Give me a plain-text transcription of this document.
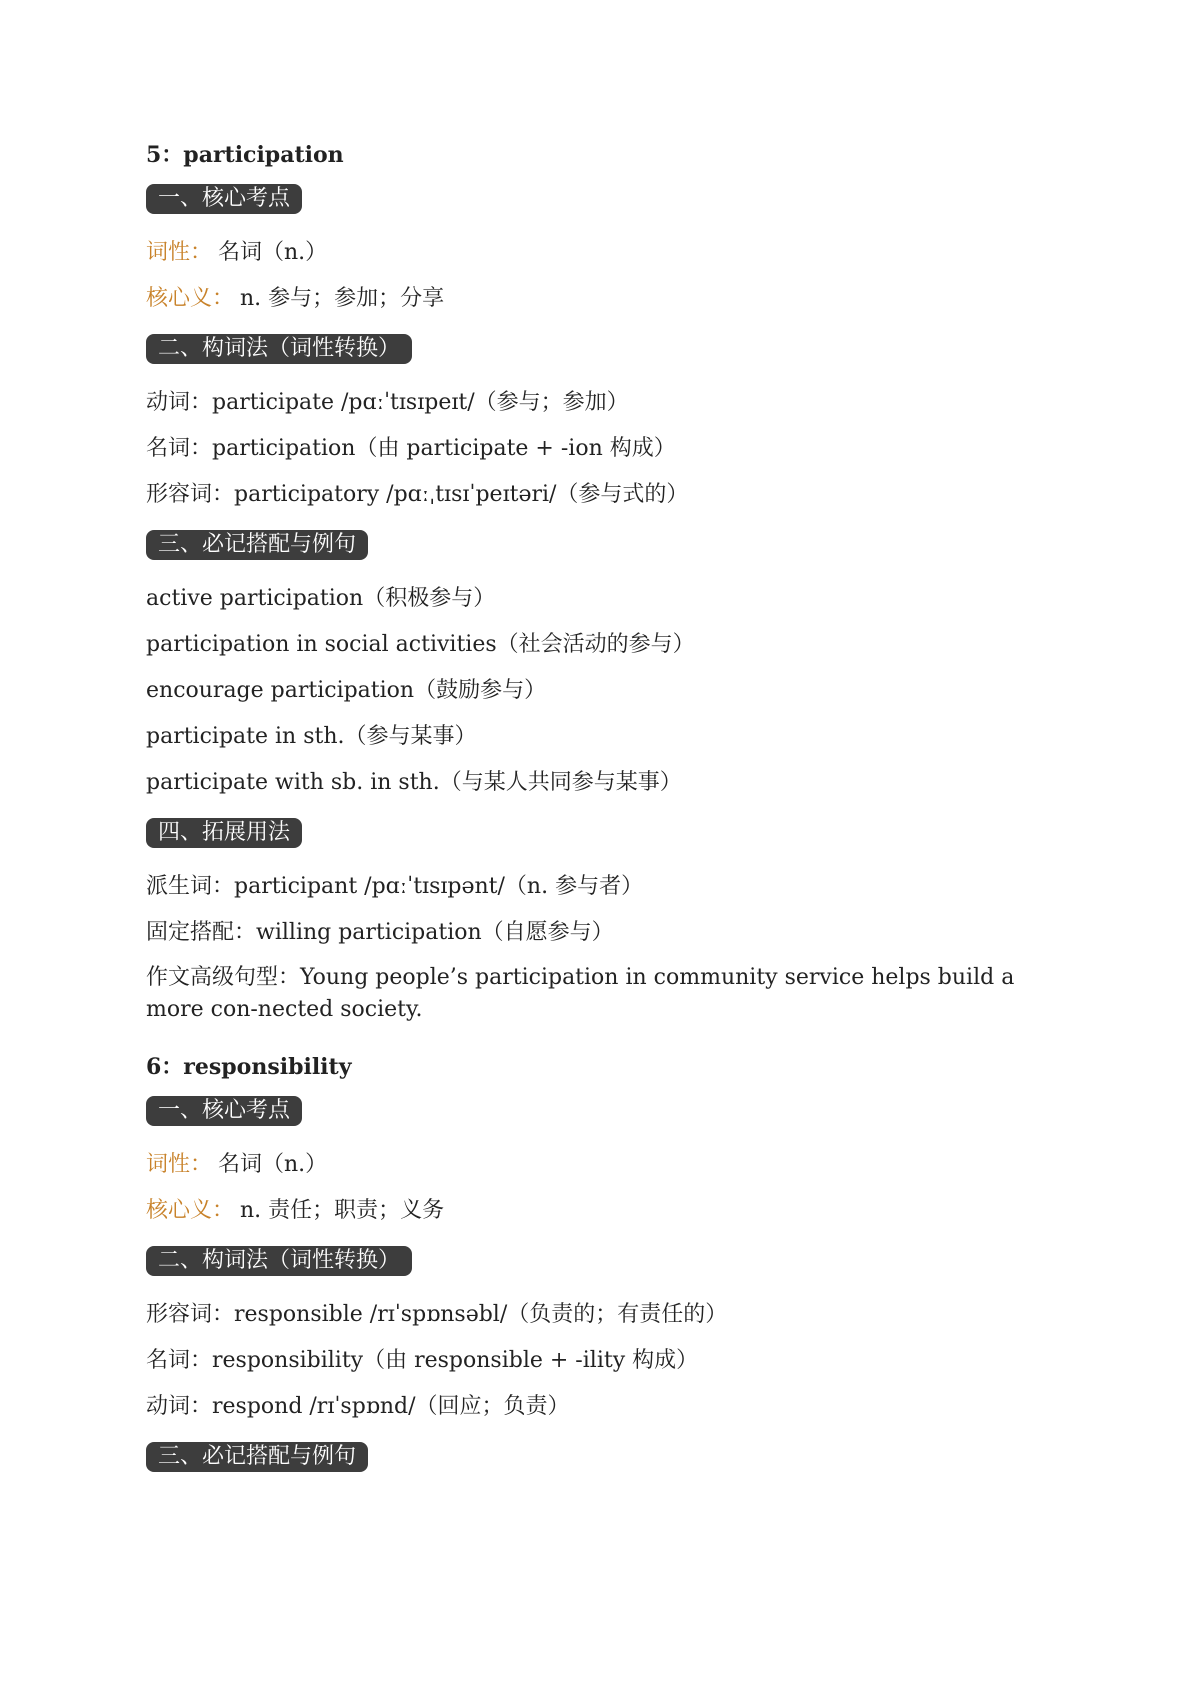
5：participation
一、核心考点

词性： 名词（n.）

核心义： n. 参与；参加；分享

二、构词法（词性转换）

动词：participate /pɑːˈtɪsɪpeɪt/（参与；参加）

名词：participation（由 participate + -ion 构成）

形容词：participatory /pɑːˌtɪsɪˈpeɪtəri/（参与式的）

三、必记搭配与例句

active participation（积极参与）

participation in social activities（社会活动的参与）

encourage participation（鼓励参与）

participate in sth.（参与某事）

participate with sb. in sth.（与某人共同参与某事）

四、拓展用法

派生词：participant /pɑːˈtɪsɪpənt/（n. 参与者）

固定搭配：willing participation（自愿参与）

作文高级句型：Young people’s participation in community service helps build a more con-nected society.

6：responsibility
一、核心考点

词性： 名词（n.）

核心义： n. 责任；职责；义务

二、构词法（词性转换）

形容词：responsible /rɪˈspɒnsəbl/（负责的；有责任的）

名词：responsibility（由 responsible + -ility 构成）

动词：respond /rɪˈspɒnd/（回应；负责）

三、必记搭配与例句
